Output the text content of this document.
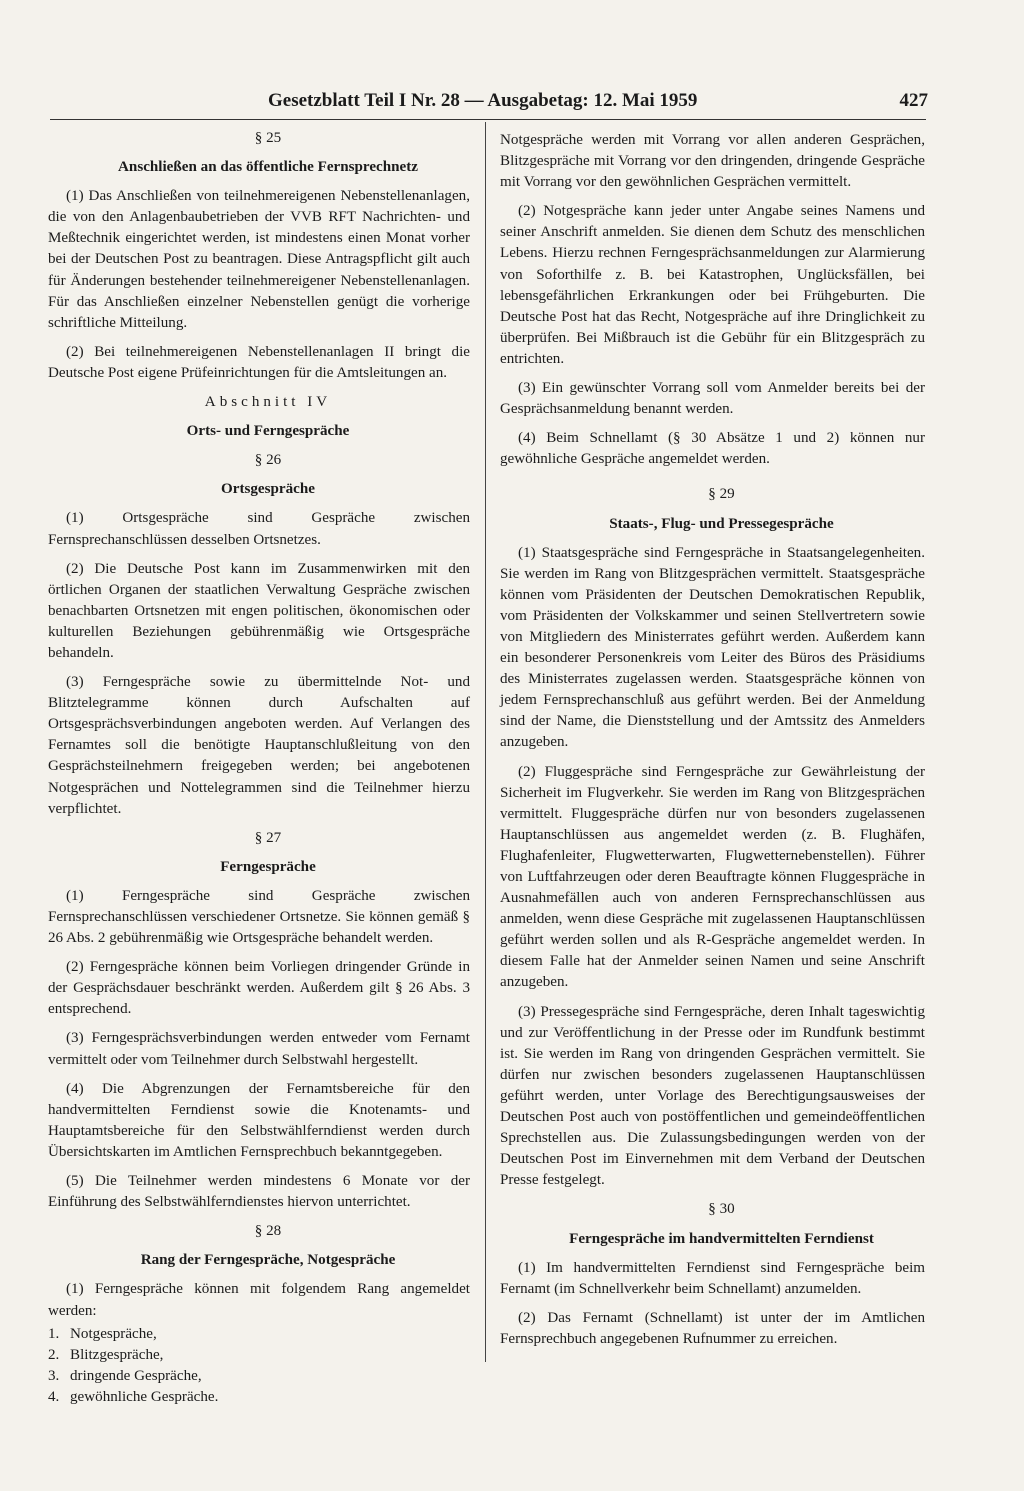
Gesetzblatt Teil I Nr. 28 — Ausgabetag: 12. Mai 1959	427

§ 25

Anschließen an das öffentliche Fernsprechnetz

(1) Das Anschließen von teilnehmereigenen Nebenstellenanlagen, die von den Anlagenbaubetrieben der VVB RFT Nachrichten- und Meßtechnik eingerichtet werden, ist mindestens einen Monat vorher bei der Deutschen Post zu beantragen. Diese Antragspflicht gilt auch für Änderungen bestehender teilnehmereigener Nebenstellenanlagen. Für das Anschließen einzelner Nebenstellen genügt die vorherige schriftliche Mitteilung.

(2) Bei teilnehmereigenen Nebenstellenanlagen II bringt die Deutsche Post eigene Prüfeinrichtungen für die Amtsleitungen an.

Abschnitt IV

Orts- und Ferngespräche

§ 26

Ortsgespräche

(1) Ortsgespräche sind Gespräche zwischen Fernsprechanschlüssen desselben Ortsnetzes.

(2) Die Deutsche Post kann im Zusammenwirken mit den örtlichen Organen der staatlichen Verwaltung Gespräche zwischen benachbarten Ortsnetzen mit engen politischen, ökonomischen oder kulturellen Beziehungen gebührenmäßig wie Ortsgespräche behandeln.

(3) Ferngespräche sowie zu übermittelnde Not- und Blitztelegramme können durch Aufschalten auf Ortsgesprächsverbindungen angeboten werden. Auf Verlangen des Fernamtes soll die benötigte Hauptanschlußleitung von den Gesprächsteilnehmern freigegeben werden; bei angebotenen Notgesprächen und Nottelegrammen sind die Teilnehmer hierzu verpflichtet.

§ 27

Ferngespräche

(1) Ferngespräche sind Gespräche zwischen Fernsprechanschlüssen verschiedener Ortsnetze. Sie können gemäß § 26 Abs. 2 gebührenmäßig wie Ortsgespräche behandelt werden.

(2) Ferngespräche können beim Vorliegen dringender Gründe in der Gesprächsdauer beschränkt werden. Außerdem gilt § 26 Abs. 3 entsprechend.

(3) Ferngesprächsverbindungen werden entweder vom Fernamt vermittelt oder vom Teilnehmer durch Selbstwahl hergestellt.

(4) Die Abgrenzungen der Fernamtsbereiche für den handvermittelten Ferndienst sowie die Knotenamts- und Hauptamtsbereiche für den Selbstwählferndienst werden durch Übersichtskarten im Amtlichen Fernsprechbuch bekanntgegeben.

(5) Die Teilnehmer werden mindestens 6 Monate vor der Einführung des Selbstwählferndienstes hiervon unterrichtet.

§ 28

Rang der Ferngespräche, Notgespräche

(1) Ferngespräche können mit folgendem Rang angemeldet werden:

1. Notgespräche,
2. Blitzgespräche,
3. dringende Gespräche,
4. gewöhnliche Gespräche.

Notgespräche werden mit Vorrang vor allen anderen Gesprächen, Blitzgespräche mit Vorrang vor den dringenden, dringende Gespräche mit Vorrang vor den gewöhnlichen Gesprächen vermittelt.

(2) Notgespräche kann jeder unter Angabe seines Namens und seiner Anschrift anmelden. Sie dienen dem Schutz des menschlichen Lebens. Hierzu rechnen Ferngesprächsanmeldungen zur Alarmierung von Soforthilfe z. B. bei Katastrophen, Unglücksfällen, bei lebensgefährlichen Erkrankungen oder bei Frühgeburten. Die Deutsche Post hat das Recht, Notgespräche auf ihre Dringlichkeit zu überprüfen. Bei Mißbrauch ist die Gebühr für ein Blitzgespräch zu entrichten.

(3) Ein gewünschter Vorrang soll vom Anmelder bereits bei der Gesprächsanmeldung benannt werden.

(4) Beim Schnellamt (§ 30 Absätze 1 und 2) können nur gewöhnliche Gespräche angemeldet werden.

§ 29

Staats-, Flug- und Pressegespräche

(1) Staatsgespräche sind Ferngespräche in Staatsangelegenheiten. Sie werden im Rang von Blitzgesprächen vermittelt. Staatsgespräche können vom Präsidenten der Deutschen Demokratischen Republik, vom Präsidenten der Volkskammer und seinen Stellvertretern sowie von Mitgliedern des Ministerrates geführt werden. Außerdem kann ein besonderer Personenkreis vom Leiter des Büros des Präsidiums des Ministerrates zugelassen werden. Staatsgespräche können von jedem Fernsprechanschluß aus geführt werden. Bei der Anmeldung sind der Name, die Dienststellung und der Amtssitz des Anmelders anzugeben.

(2) Fluggespräche sind Ferngespräche zur Gewährleistung der Sicherheit im Flugverkehr. Sie werden im Rang von Blitzgesprächen vermittelt. Fluggespräche dürfen nur von besonders zugelassenen Hauptanschlüssen aus angemeldet werden (z. B. Flughäfen, Flughafenleiter, Flugwetterwarten, Flugwetternebenstellen). Führer von Luftfahrzeugen oder deren Beauftragte können Fluggespräche in Ausnahmefällen auch von anderen Fernsprechanschlüssen aus anmelden, wenn diese Gespräche mit zugelassenen Hauptanschlüssen geführt werden sollen und als R-Gespräche angemeldet werden. In diesem Falle hat der Anmelder seinen Namen und seine Anschrift anzugeben.

(3) Pressegespräche sind Ferngespräche, deren Inhalt tageswichtig und zur Veröffentlichung in der Presse oder im Rundfunk bestimmt ist. Sie werden im Rang von dringenden Gesprächen vermittelt. Sie dürfen nur zwischen besonders zugelassenen Hauptanschlüssen geführt werden, unter Vorlage des Berechtigungsausweises der Deutschen Post auch von postöffentlichen und gemeindeöffentlichen Sprechstellen aus. Die Zulassungsbedingungen werden von der Deutschen Post im Einvernehmen mit dem Verband der Deutschen Presse festgelegt.

§ 30

Ferngespräche im handvermittelten Ferndienst

(1) Im handvermittelten Ferndienst sind Ferngespräche beim Fernamt (im Schnellverkehr beim Schnellamt) anzumelden.

(2) Das Fernamt (Schnellamt) ist unter der im Amtlichen Fernsprechbuch angegebenen Rufnummer zu erreichen.
